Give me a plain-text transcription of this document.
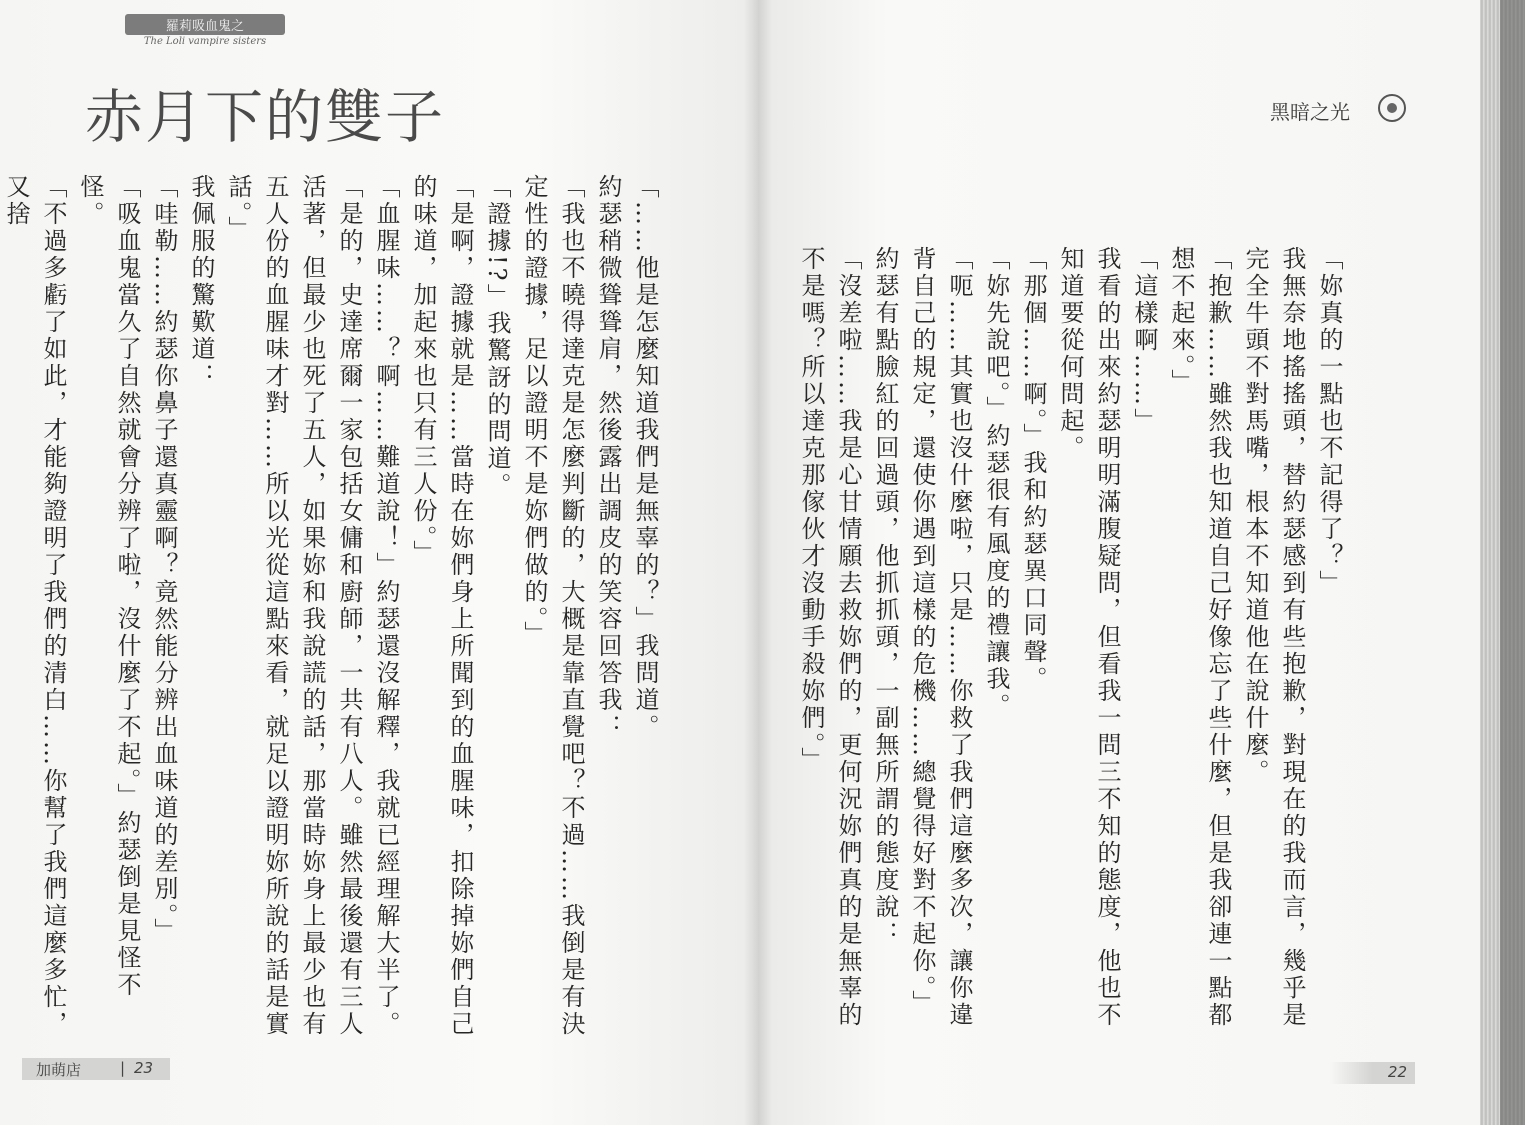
羅莉吸血鬼之
The Loli vampire sisters
赤月下的雙子	黑暗之光

「妳真的一點也不記得了？」

我無奈地搖搖頭，替約瑟感到有些抱歉，對現在的我而言，幾乎是完全牛頭不對馬嘴，根本不知道他在說什麼。

「抱歉……雖然我也知道自己好像忘了些什麼，但是我卻連一點都想不起來。」

「這樣啊……」

我看的出來約瑟明明滿腹疑問，但看我一問三不知的態度，他也不知道要從何問起。

「那個……啊。」我和約瑟異口同聲。

「妳先說吧。」約瑟很有風度的禮讓我。

「呃……其實也沒什麼啦，只是……你救了我們這麼多次，讓你違背自己的規定，還使你遇到這樣的危機……總覺得好對不起你。」

約瑟有點臉紅的回過頭，他抓抓頭，一副無所謂的態度說：

「沒差啦……我是心甘情願去救妳們的，更何況妳們真的是無辜的不是嗎？所以達克那傢伙才沒動手殺妳們。」

「……他是怎麼知道我們是無辜的？」我問道。

約瑟稍微聳聳肩，然後露出調皮的笑容回答我：

「我也不曉得達克是怎麼判斷的，大概是靠直覺吧？不過……我倒是有決定性的證據，足以證明不是妳們做的。」

「證據!?」我驚訝的問道。

「是啊，證據就是……當時在妳們身上所聞到的血腥味，扣除掉妳們自己的味道，加起來也只有三人份。」

「血腥味……？啊……難道說！」約瑟還沒解釋，我就已經理解大半了。

「是的，史達席爾一家包括女傭和廚師，一共有八人。雖然最後還有三人活著，但最少也死了五人，如果妳和我說謊的話，那當時妳身上最少也有五人份的血腥味才對……所以光從這點來看，就足以證明妳所說的話是實話。」

我佩服的驚歎道：

「哇勒……約瑟你鼻子還真靈啊？竟然能分辨出血味道的差別。」

「吸血鬼當久了自然就會分辨了啦，沒什麼了不起。」約瑟倒是見怪不怪。

「不過多虧了如此，才能夠證明了我們的清白……你幫了我們這麼多忙，又捨

加萌店	| 23	22
